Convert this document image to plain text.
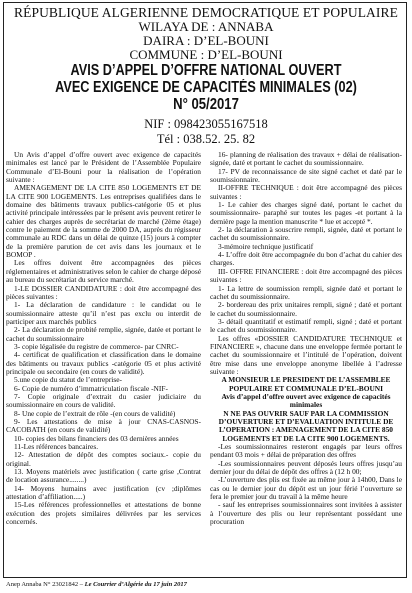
RÉPUBLIQUE ALGERIENNE DEMOCRATIQUE ET POPULAIRE
WILAYA DE : ANNABA
DAIRA : D’EL-BOUNI
COMMUNE : D’EL-BOUNI
AVIS D’APPEL D’OFFRE NATIONAL OUVERT
AVEC EXIGENCE DE CAPACITÉS MINIMALES (02)
N° 05/2017
NIF : 098423055167518
Tél : 038.52. 25. 82

Un Avis d’appel d’offre ouvert avec exigence de capacités minimales est lancé par le Président de l’Assemblée Populaire Communale d’El-Bouni pour la réalisation de l’opération suivante :

AMENAGEMENT DE LA CITE 850 LOGEMENTS ET DE LA CITE 900 LOGEMENTS. Les entreprises qualifiées dans le domaine des bâtiments travaux publics-catégorie 05 et plus activité principale intéressées par le présent avis peuvent retirer le cahier des charges auprès de secrétariat de marché (2ème étage) contre le paiement de la somme de 2000 DA, auprès du régisseur communale au RDC dans un délai de quinze (15) jours à compter de la première parution de cet avis dans les journaux et le BOMOP .

Les offres doivent être accompagnées des pièces réglementaires et administratives selon le cahier de charge déposé au bureau du secrétariat du service marché.

1-LE DOSSIER CANDIDATURE : doit être accompagné des pièces suivantes :

1- La déclaration de candidature : le candidat ou le soumissionnaire atteste qu’il n’est pas exclu ou interdit de participer aux marchés publics

2- La déclaration de probité remplie, signée, datée et portant le cachet du soumissionnaire

3- copie légalisée du registre de commerce- par CNRC-

4- certificat de qualification et classification dans le domaine des bâtiments ou travaux publics -catégorie 05 et plus activité principale ou secondaire (en cours de validité).

5.une copie du statut de l’entreprise-

6- Copie de numéro d’immatriculation fiscale -NIF-

7- Copie originale d’extrait du casier judiciaire du soumissionnaire en cours de validité.

8- Une copie de l’extrait de rôle -(en cours de validité)

9- Les attestations de mise à jour CNAS-CASNOS-CACOBATH (en cours de validité)

10- copies des bilans financiers des 03 dernières années

11-Les références bancaires.

12- Attestation de dépôt des comptes sociaux.- copie du original.

13. Moyens matériels avec justification ( carte grise ,Contrat de location assurance........)

14- Moyens humains avec justification (cv ;diplômes attestation d’affiliation.....)

15-Les références professionnelles et attestations de bonne exécution des projets similaires délivrées par les services concernés.

16- planning de réalisation des travaux + délai de réalisation- signée, daté et portant le cachet du soumissionnaire.

17- PV de reconnaissance de site signé cachet et daté par le soumissionnaire.

II-OFFRE TECHNIQUE : doit être accompagné des pièces suivantes :

1- Le cahier des charges signé daté, portant le cachet du soumissionnaire- paraphé sur toutes les pages -et portant à la dernière page la mention manuscrite * lue et accepté *.

2- la déclaration à souscrire rempli, signée, daté et portant le cachet du soumissionnaire.

3-mémoire technique justificatif

4- L’offre doit être accompagnée du bon d’achat du cahier des charges.

III- OFFRE FINANCIERE : doit être accompagné des pièces suivantes :

1- La lettre de soumission rempli, signée daté et portant le cachet du soumissionnaire.

2- bordereau des prix unitaires rempli, signé ; daté et portant le cachet du soumissionnaire.

3- détail quantitatif et estimatif rempli, signé ; daté et portant le cachet du soumissionnaire.

Les offres «DOSSIER CANDIDATURE TECHNIQUE et FINANCIERE », chacune dans une enveloppe fermée portant le cachet du soumissionnaire et l’intitulé de l’opération, doivent être mise dans une enveloppe anonyme libellée à l’adresse suivante :

A MONSIEUR LE PRESIDENT DE L’ASSEMBLEE POPULAIRE ET COMMUNALE D’EL-BOUNI

Avis d’appel d’offre ouvert avec exigence de capacités minimales

N NE PAS OUVRIR SAUF PAR LA COMMISSION D’OUVERTURE ET D’EVALUATION INTITULE DE L’OPERATION : AMENAGEMENT DE LA CITE 850 LOGEMENTS ET DE LA CITE 900 LOGEMENTS.

-Les soumissionnaires resteront engagés par leurs offres pendant 03 mois + délai de préparation des offres

-Les soumissionnaires peuvent déposés leurs offres jusqu’au dernier jour du délai de dépôt des offres à (12 h 00;

-L’ouverture des plis est fixée au même jour à 14h00, Dans le cas ou le dernier jour du dépôt est un jour férié l’ouverture se fera le premier jour du travail à la même heure

- sauf les entreprises soumissionnaires sont invitées à assister à l’ouverture des plis ou leur représentant possédant une procuration

Anep Annaba N° 23021842 – Le Courrier d’Algérie du 17 juin 2017
